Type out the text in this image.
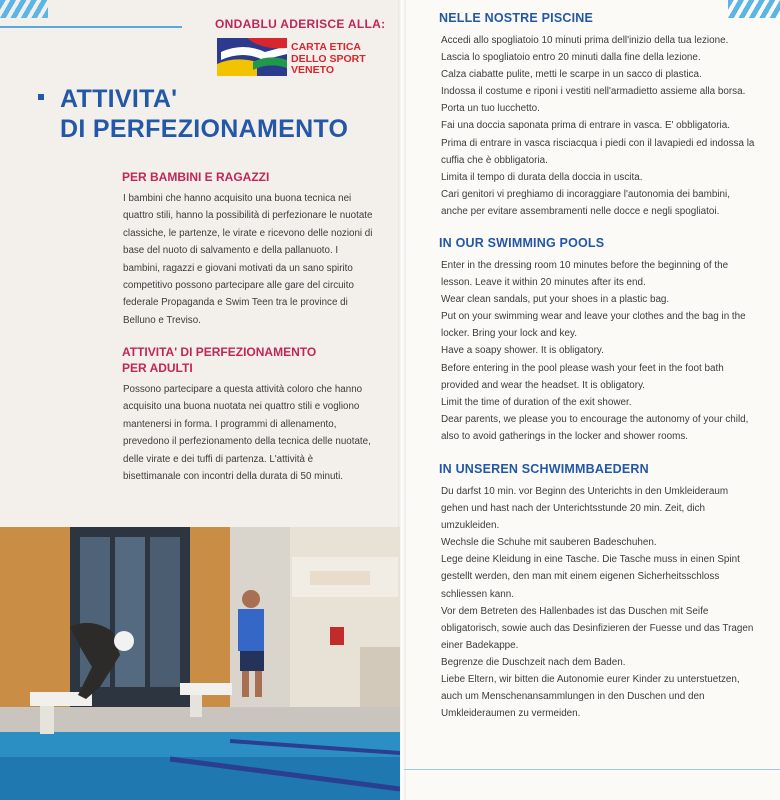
ONDABLU ADERISCE ALLA:
CARTA ETICA
DELLO SPORT
VENETO
ATTIVITA'
DI PERFEZIONAMENTO
PER BAMBINI E RAGAZZI
I bambini che hanno acquisito una buona tecnica nei quattro stili, hanno la possibilità di perfezionare le nuotate classiche, le partenze, le virate e ricevono delle nozioni di base del nuoto di salvamento e della pallanuoto. I bambini, ragazzi e giovani motivati da un sano spirito competitivo possono partecipare alle gare del circuito federale Propaganda e Swim Teen tra le province di Belluno e Treviso.
ATTIVITA' DI PERFEZIONAMENTO
PER ADULTI
Possono partecipare a questa attività coloro che hanno acquisito una buona nuotata nei quattro stili e vogliono mantenersi in forma. I programmi di allenamento, prevedono il perfezionamento della tecnica delle nuotate, delle virate e dei tuffi di partenza. L'attività è bisettimanale con incontri della durata di 50 minuti.
NELLE NOSTRE PISCINE
Accedi allo spogliatoio 10 minuti prima dell'inizio della tua lezione.
Lascia lo spogliatoio entro 20 minuti dalla fine della lezione.
Calza ciabatte pulite, metti le scarpe in un sacco di plastica.
Indossa il costume e riponi i vestiti nell'armadietto assieme alla borsa.
Porta un tuo lucchetto.
Fai una doccia saponata prima di entrare in vasca. E' obbligatoria.
Prima di entrare in vasca risciacqua i piedi con il lavapiedi ed indossa la
cuffia che è obbligatoria.
Limita il tempo di durata della doccia in uscita.
Cari genitori vi preghiamo di incoraggiare l'autonomia dei bambini,
anche per evitare assembramenti nelle docce e negli spogliatoi.
IN OUR SWIMMING POOLS
Enter in the dressing room 10 minutes before the beginning of the
lesson. Leave it within 20 minutes after its end.
Wear clean sandals, put your shoes in a plastic bag.
Put on your swimming wear and leave your clothes and the bag in the
locker. Bring your lock and key.
Have a soapy shower. It is obligatory.
Before entering in the pool please wash your feet in the foot bath
provided and wear the headset. It is obligatory.
Limit the time of duration of the exit shower.
Dear parents, we please you to encourage the autonomy of your child,
also to avoid gatherings in the locker and shower rooms.
IN UNSEREN SCHWIMMBAEDERN
Du darfst 10 min. vor Beginn des Unterichts in den Umkleideraum
gehen und hast nach der Unterichtsstunde 20 min. Zeit, dich
umzukleiden.
Wechsle die Schuhe mit sauberen Badeschuhen.
Lege deine Kleidung in eine Tasche. Die Tasche muss in einen Spint
gestellt werden, den man mit einem eigenen Sicherheitsschloss
schliessen kann.
Vor dem Betreten des Hallenbades ist das Duschen mit Seife
obligatorisch, sowie auch das Desinfizieren der Fuesse und das Tragen
einer Badekappe.
Begrenze die Duschzeit nach dem Baden.
Liebe Eltern, wir bitten die Autonomie eurer Kinder zu unterstuetzen,
auch um Menschenansammlungen in den Duschen und den
Umkleideraumen zu vermeiden.
